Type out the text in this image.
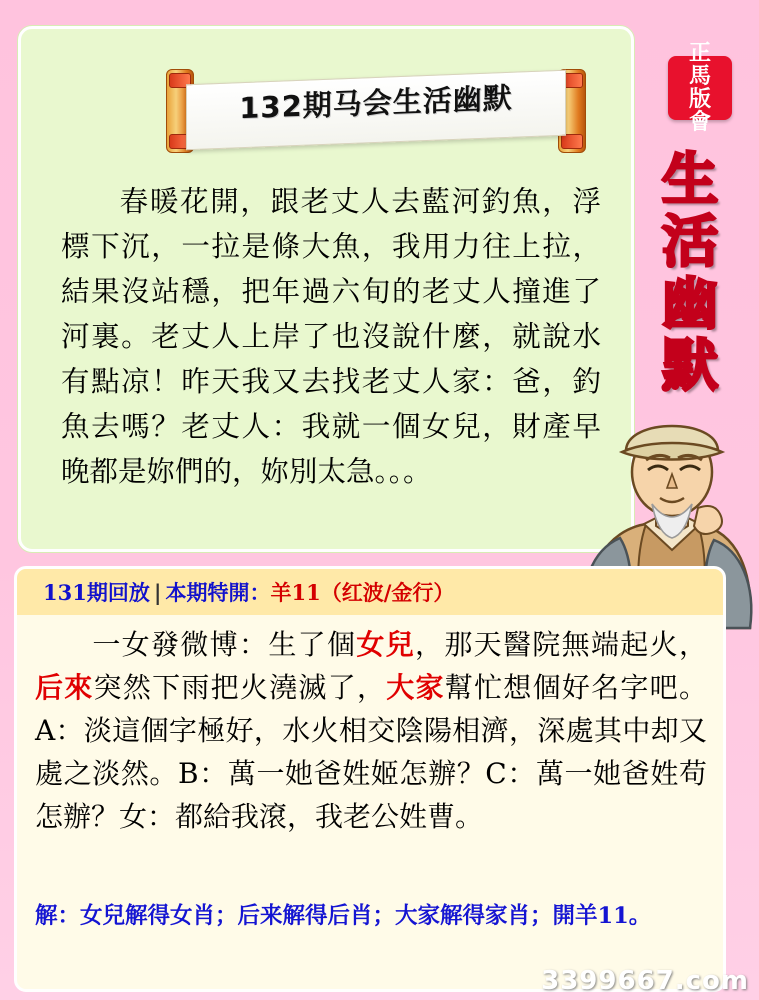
132期马会生活幽默
春暖花開，跟老丈人去藍河釣魚，浮標下沉，一拉是條大魚，我用力往上拉，結果沒站穩，把年過六旬的老丈人撞進了河裏。老丈人上岸了也沒說什麼，就說水有點凉！昨天我又去找老丈人家：爸，釣魚去嗎？老丈人：我就一個女兒，財產早晚都是妳們的，妳別太急。。。
正馬
版會
生
活
幽
默
131期回放 | 本期特開：羊11（红波/金行）
一女發微博：生了個女兒，那天醫院無端起火，后來突然下雨把火澆滅了，大家幫忙想個好名字吧。A：淡這個字極好，水火相交陰陽相濟，深處其中却又處之淡然。B：萬一她爸姓姬怎辦？C：萬一她爸姓苟怎辦？女：都給我滾，我老公姓曹。
解：女兒解得女肖；后来解得后肖；大家解得家肖；開羊11。
3399667.com
